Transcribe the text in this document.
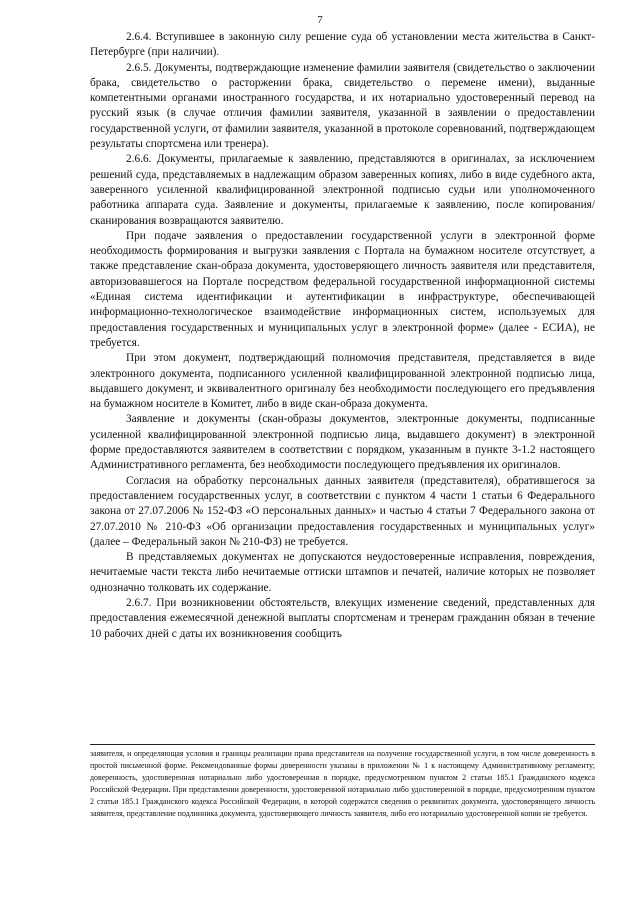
7

2.6.4. Вступившее в законную силу решение суда об установлении места жительства в Санкт-Петербурге (при наличии).

2.6.5. Документы, подтверждающие изменение фамилии заявителя (свидетельство о заключении брака, свидетельство о расторжении брака, свидетельство о перемене имени), выданные компетентными органами иностранного государства, и их нотариально удостоверенный перевод на русский язык (в случае отличия фамилии заявителя, указанной в заявлении о предоставлении государственной услуги, от фамилии заявителя, указанной в протоколе соревнований, подтверждающем результаты спортсмена или тренера).

2.6.6. Документы, прилагаемые к заявлению, представляются в оригиналах, за исключением решений суда, представляемых в надлежащим образом заверенных копиях, либо в виде судебного акта, заверенного усиленной квалифицированной электронной подписью судьи или уполномоченного работника аппарата суда. Заявление и документы, прилагаемые к заявлению, после копирования/сканирования возвращаются заявителю.

При подаче заявления о предоставлении государственной услуги в электронной форме необходимость формирования и выгрузки заявления с Портала на бумажном носителе отсутствует, а также представление скан-образа документа, удостоверяющего личность заявителя или представителя, авторизовавшегося на Портале посредством федеральной государственной информационной системы «Единая система идентификации и аутентификации в инфраструктуре, обеспечивающей информационно-технологическое взаимодействие информационных систем, используемых для предоставления государственных и муниципальных услуг в электронной форме» (далее - ЕСИА), не требуется.

При этом документ, подтверждающий полномочия представителя, представляется в виде электронного документа, подписанного усиленной квалифицированной электронной подписью лица, выдавшего документ, и эквивалентного оригиналу без необходимости последующего его предъявления на бумажном носителе в Комитет, либо в виде скан-образа документа.

Заявление и документы (скан-образы документов, электронные документы, подписанные усиленной квалифицированной электронной подписью лица, выдавшего документ) в электронной форме предоставляются заявителем в соответствии с порядком, указанным в пункте 3-1.2 настоящего Административного регламента, без необходимости последующего предъявления их оригиналов.

Согласия на обработку персональных данных заявителя (представителя), обратившегося за предоставлением государственных услуг, в соответствии с пунктом 4 части 1 статьи 6 Федерального закона от 27.07.2006 № 152-ФЗ «О персональных данных» и частью 4 статьи 7 Федерального закона от 27.07.2010 № 210-ФЗ «Об организации предоставления государственных и муниципальных услуг» (далее – Федеральный закон № 210-ФЗ) не требуется.

В представляемых документах не допускаются неудостоверенные исправления, повреждения, нечитаемые части текста либо нечитаемые оттиски штампов и печатей, наличие которых не позволяет однозначно толковать их содержание.

2.6.7. При возникновении обстоятельств, влекущих изменение сведений, представленных для предоставления ежемесячной денежной выплаты спортсменам и тренерам гражданин обязан в течение 10 рабочих дней с даты их возникновения сообщить

заявителя, и определяющая условия и границы реализации права представителя на получение государственной услуги, в том числе доверенность в простой письменной форме. Рекомендованные формы доверенности указаны в приложении № 1 к настоящему Административному регламенту; доверенность, удостоверенная нотариально либо удостоверенная в порядке, предусмотренном пунктом 2 статьи 185.1 Гражданского кодекса Российской Федерации. При представлении доверенности, удостоверенной нотариально либо удостоверенной в порядке, предусмотренном пунктом 2 статьи 185.1 Гражданского кодекса Российской Федерации, в которой содержатся сведения о реквизитах документа, удостоверяющего личность заявителя, представление подлинника документа, удостоверяющего личность заявителя, либо его нотариально удостоверенной копии не требуется.
